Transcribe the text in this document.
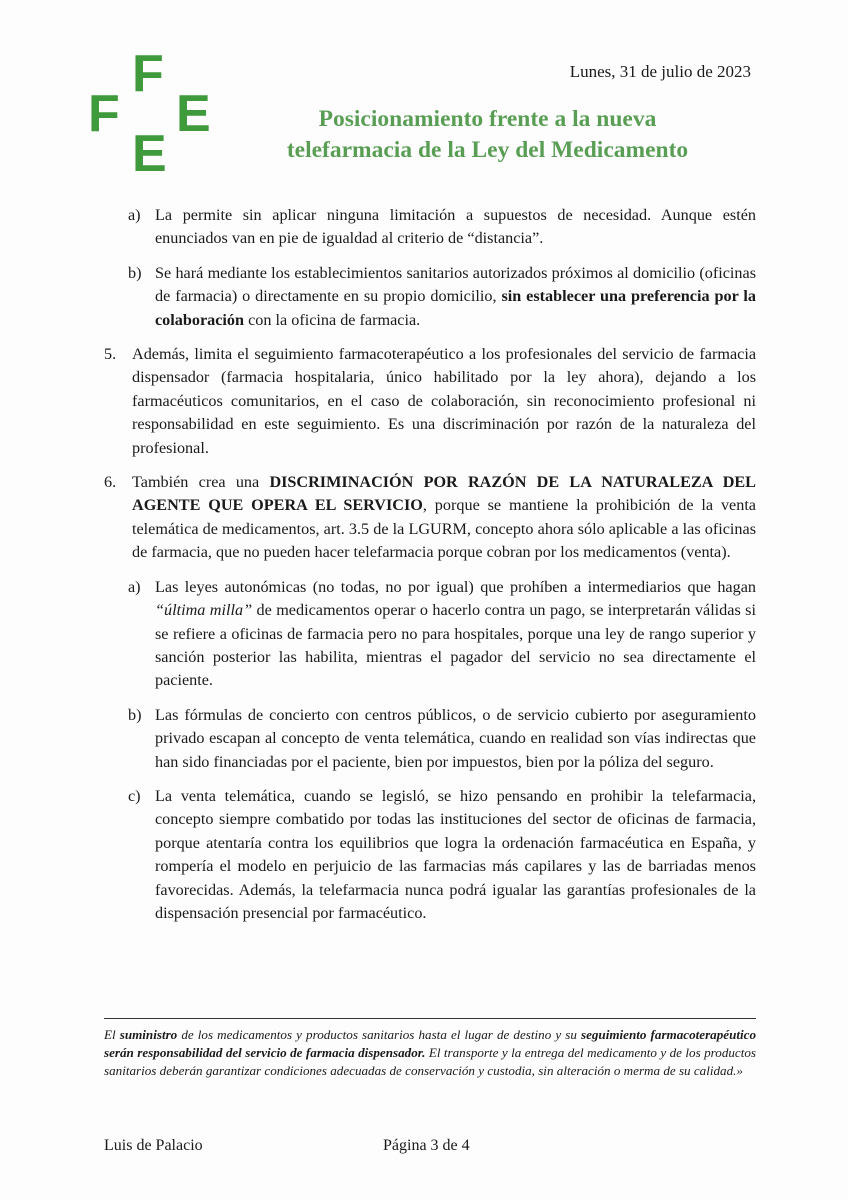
F
F E
E
Lunes, 31 de julio de 2023
Posicionamiento frente a la nueva
telefarmacia de la Ley del Medicamento
a) La permite sin aplicar ninguna limitación a supuestos de necesidad. Aunque estén enunciados van en pie de igualdad al criterio de “distancia”.
b) Se hará mediante los establecimientos sanitarios autorizados próximos al domicilio (oficinas de farmacia) o directamente en su propio domicilio, sin establecer una preferencia por la colaboración con la oficina de farmacia.
5. Además, limita el seguimiento farmacoterapéutico a los profesionales del servicio de farmacia dispensador (farmacia hospitalaria, único habilitado por la ley ahora), dejando a los farmacéuticos comunitarios, en el caso de colaboración, sin reconocimiento profesional ni responsabilidad en este seguimiento. Es una discriminación por razón de la naturaleza del profesional.
6. También crea una DISCRIMINACIÓN POR RAZÓN DE LA NATURALEZA DEL AGENTE QUE OPERA EL SERVICIO, porque se mantiene la prohibición de la venta telemática de medicamentos, art. 3.5 de la LGURM, concepto ahora sólo aplicable a las oficinas de farmacia, que no pueden hacer telefarmacia porque cobran por los medicamentos (venta).
a) Las leyes autonómicas (no todas, no por igual) que prohíben a intermediarios que hagan “última milla” de medicamentos operar o hacerlo contra un pago, se interpretarán válidas si se refiere a oficinas de farmacia pero no para hospitales, porque una ley de rango superior y sanción posterior las habilita, mientras el pagador del servicio no sea directamente el paciente.
b) Las fórmulas de concierto con centros públicos, o de servicio cubierto por aseguramiento privado escapan al concepto de venta telemática, cuando en realidad son vías indirectas que han sido financiadas por el paciente, bien por impuestos, bien por la póliza del seguro.
c) La venta telemática, cuando se legisló, se hizo pensando en prohibir la telefarmacia, concepto siempre combatido por todas las instituciones del sector de oficinas de farmacia, porque atentaría contra los equilibrios que logra la ordenación farmacéutica en España, y rompería el modelo en perjuicio de las farmacias más capilares y las de barriadas menos favorecidas. Además, la telefarmacia nunca podrá igualar las garantías profesionales de la dispensación presencial por farmacéutico.
El suministro de los medicamentos y productos sanitarios hasta el lugar de destino y su seguimiento farmacoterapéutico serán responsabilidad del servicio de farmacia dispensador. El transporte y la entrega del medicamento y de los productos sanitarios deberán garantizar condiciones adecuadas de conservación y custodia, sin alteración o merma de su calidad.»
Luis de Palacio	Página 3 de 4
